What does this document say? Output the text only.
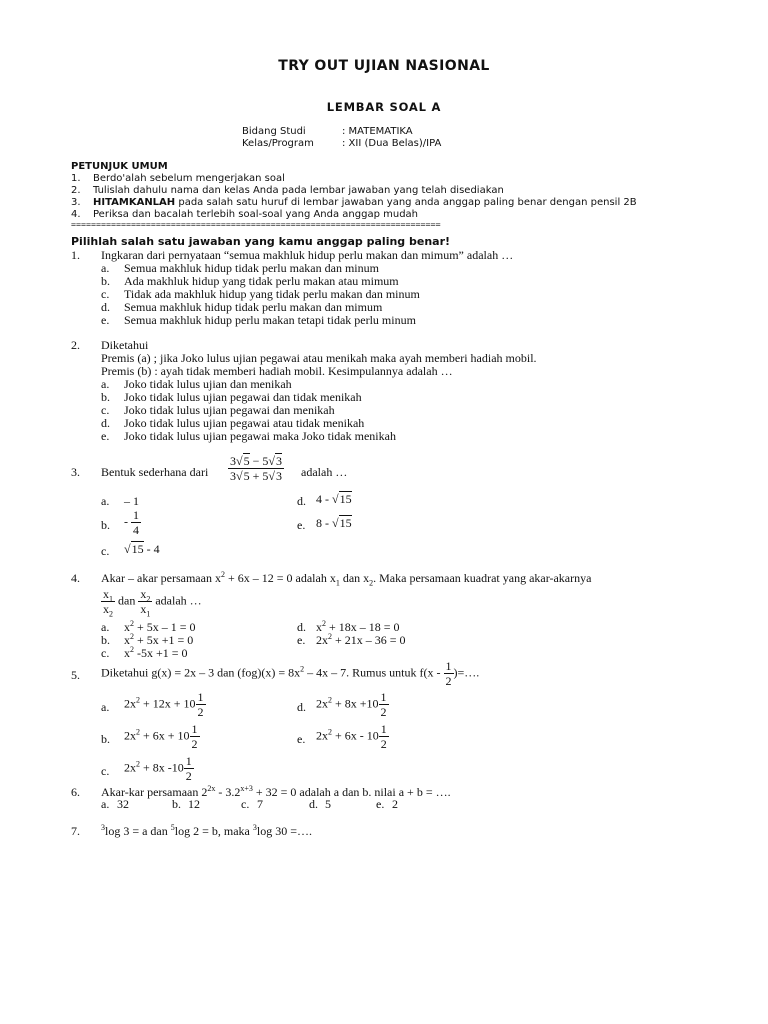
TRY OUT UJIAN NASIONAL
LEMBAR SOAL A
Bidang Studi	: MATEMATIKA
Kelas/Program	: XII (Dua Belas)/IPA
PETUNJUK UMUM
1. Berdo'alah sebelum mengerjakan soal
2. Tulislah dahulu nama dan kelas Anda pada lembar jawaban yang telah disediakan
3. HITAMKANLAH pada salah satu huruf di lembar jawaban yang anda anggap paling benar dengan pensil 2B
4. Periksa dan bacalah terlebih soal-soal yang Anda anggap mudah
==========================================================================
Pilihlah salah satu jawaban yang kamu anggap paling benar!
1. Ingkaran dari pernyataan “semua makhluk hidup perlu makan dan mimum” adalah …
a. Semua makhluk hidup tidak perlu makan dan minum
b. Ada makhluk hidup yang tidak perlu makan atau mimum
c. Tidak ada makhluk hidup yang tidak perlu makan dan minum
d. Semua makhluk hidup tidak perlu makan dan mimum
e. Semua makhluk hidup perlu makan tetapi tidak perlu minum
2. Diketahui
Premis (a) ; jika Joko lulus ujian pegawai atau menikah maka ayah memberi hadiah mobil.
Premis (b) : ayah tidak memberi hadiah mobil. Kesimpulannya adalah …
a. Joko tidak lulus ujian dan menikah
b. Joko tidak lulus ujian pegawai dan tidak menikah
c. Joko tidak lulus ujian pegawai dan menikah
d. Joko tidak lulus ujian pegawai atau tidak menikah
e. Joko tidak lulus ujian pegawai maka Joko tidak menikah
3. Bentuk sederhana dari $\frac{3√5 - 5√3}{3√5 + 5√3}$ adalah …
a. – 1
b. - $\frac{1}{4}$
c. √15 - 4
d. 4 - √15
e. 8 - √15
4. Akar – akar persamaan $x^2 + 6x - 12 = 0$ adalah $x_1$ dan $x_2$. Maka persamaan kuadrat yang akar-akarnya
$\frac{x_1}{x_2}$ dan $\frac{x_2}{x_1}$ adalah …
a. $x^2 + 5x - 1 = 0$
b. $x^2 + 5x +1 = 0$
c. $x^2$ -5x +1 = 0
d. $x^2 + 18x - 18 = 0$
e. $2x^2 + 21x - 36 = 0$
5. Diketahui g(x) = 2x – 3 dan $(fog)(x) = 8x^2 - 4x - 7$. Rumus untuk $f(x - \frac{1}{2}$ )=….
a. $2x^2 + 12x + 10 \frac{1}{2}$	d. $2x^2 + 8x +10 \frac{1}{2}$
b. $2x^2 + 6x + 10 \frac{1}{2}$	e. $2x^2 + 6x - 10 \frac{1}{2}$
c. $2x^2 + 8x$ $-10 \frac{1}{2}$
6. Akar-kar persamaan $2^{2x} - 3.2^{x+3} + 32 = 0$ adalah a dan b. nilai a + b = ….
a. 32	b. 12	c. 7	d. 5	e. 2
7.	$^3$log 3 = a dan $^5$log 2 = b, maka $^3$log 30 =….
